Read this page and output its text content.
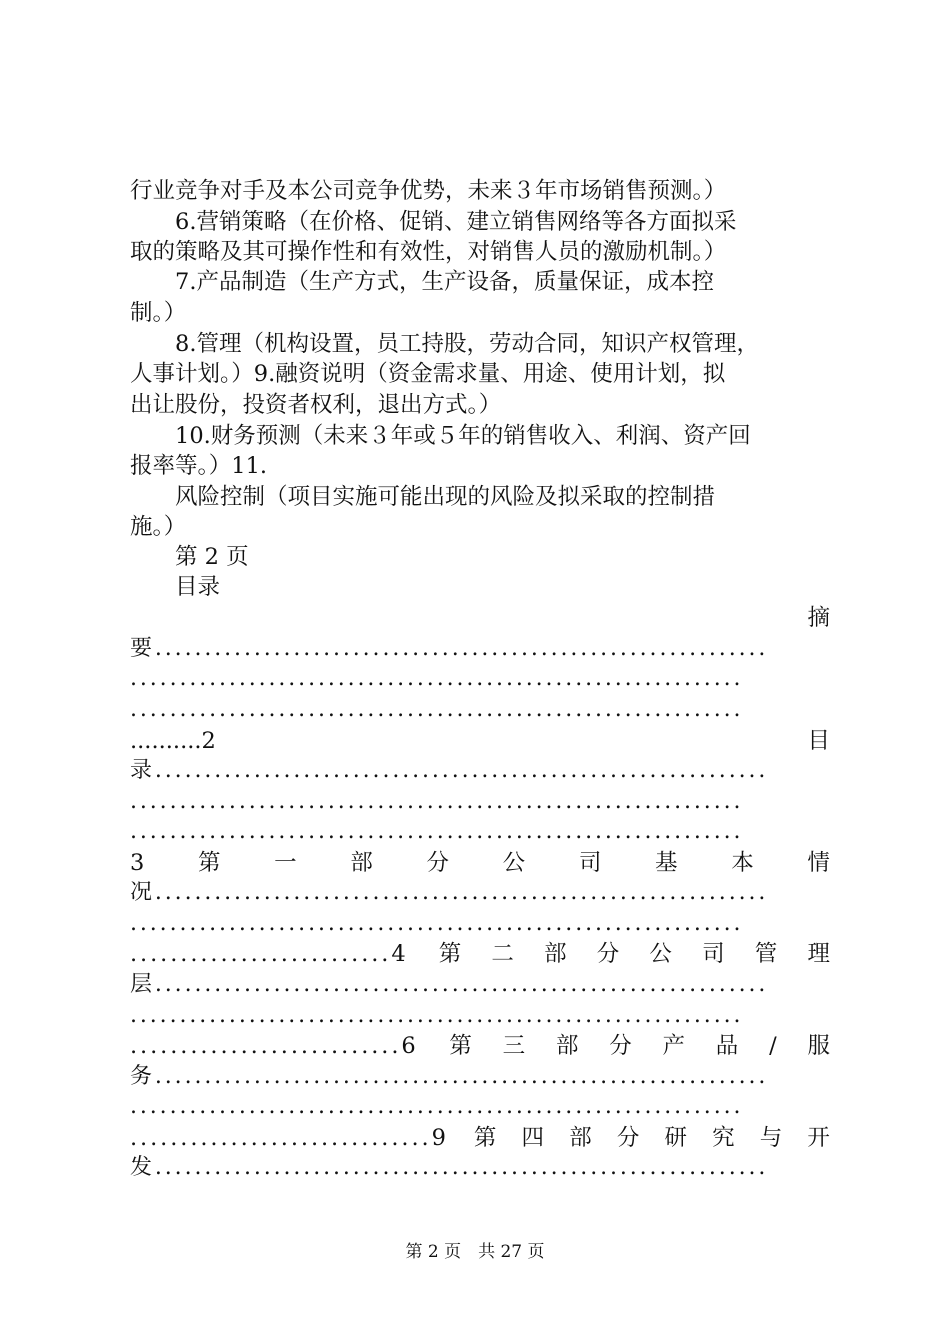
行业竞争对手及本公司竞争优势，未来３年市场销售预测。）
　　6.营销策略（在价格、促销、建立销售网络等各方面拟采
取的策略及其可操作性和有效性，对销售人员的激励机制。）
　　7.产品制造（生产方式，生产设备，质量保证，成本控
制。）
　　8.管理（机构设置，员工持股，劳动合同，知识产权管理，
人事计划。）9.融资说明（资金需求量、用途、使用计划，拟
出让股份，投资者权利，退出方式。）
　　10.财务预测（未来３年或５年的销售收入、利润、资产回
报率等。）11.
　　风险控制（项目实施可能出现的风险及拟采取的控制措
施。）
　　第 2 页
　　目录
摘
要..............................................................
..............................................................
..............................................................
..........2	目
录..............................................................
..............................................................
..............................................................
3 第 一 部 分 公 司 基 本 情
况..............................................................
..............................................................
..........................4 第 二 部 分 公 司 管 理
层..............................................................
..............................................................
...........................6 第 三 部 分 产 品 / 服
务..............................................................
..............................................................
..............................9 第 四 部 分 研 究 与 开
发..............................................................
第 2 页　共 27 页
